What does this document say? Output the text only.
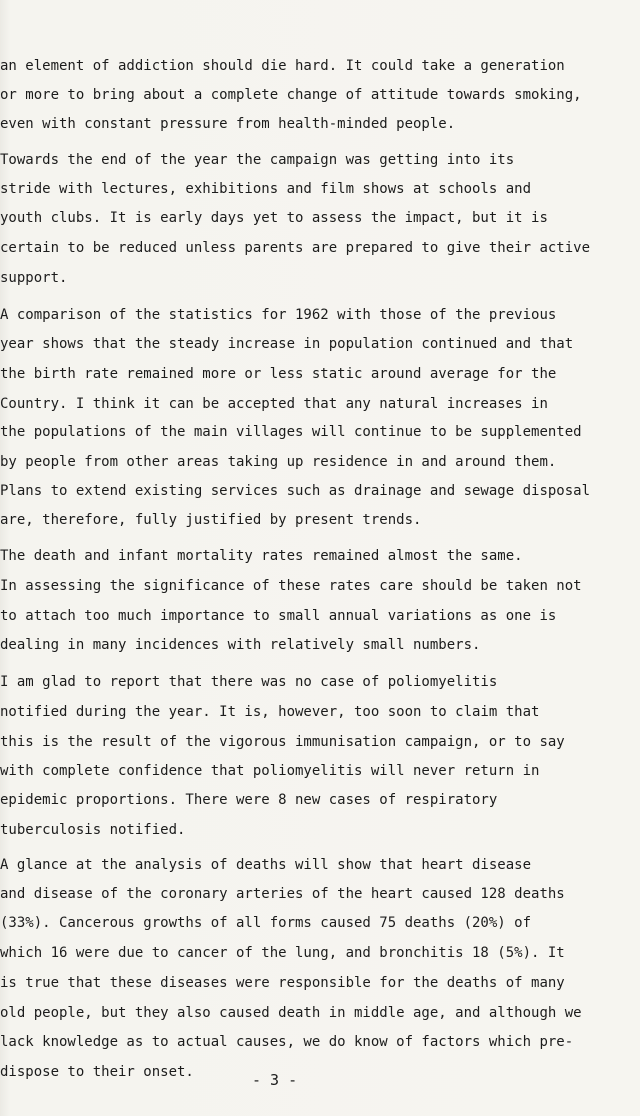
an element of addiction should die hard. It could take a generation
or more to bring about a complete change of attitude towards smoking,
even with constant pressure from health-minded people.
Towards the end of the year the campaign was getting into its
stride with lectures, exhibitions and film shows at schools and
youth clubs. It is early days yet to assess the impact, but it is
certain to be reduced unless parents are prepared to give their active
support.
A comparison of the statistics for 1962 with those of the previous
year shows that the steady increase in population continued and that
the birth rate remained more or less static around average for the
Country. I think it can be accepted that any natural increases in
the populations of the main villages will continue to be supplemented
by people from other areas taking up residence in and around them.
Plans to extend existing services such as drainage and sewage disposal
are, therefore, fully justified by present trends.
The death and infant mortality rates remained almost the same.
In assessing the significance of these rates care should be taken not
to attach too much importance to small annual variations as one is
dealing in many incidences with relatively small numbers.
I am glad to report that there was no case of poliomyelitis
notified during the year. It is, however, too soon to claim that
this is the result of the vigorous immunisation campaign, or to say
with complete confidence that poliomyelitis will never return in
epidemic proportions. There were 8 new cases of respiratory
tuberculosis notified.
A glance at the analysis of deaths will show that heart disease
and disease of the coronary arteries of the heart caused 128 deaths
(33%). Cancerous growths of all forms caused 75 deaths (20%) of
which 16 were due to cancer of the lung, and bronchitis 18 (5%). It
is true that these diseases were responsible for the deaths of many
old people, but they also caused death in middle age, and although we
lack knowledge as to actual causes, we do know of factors which pre-
dispose to their onset.	- 3 -
